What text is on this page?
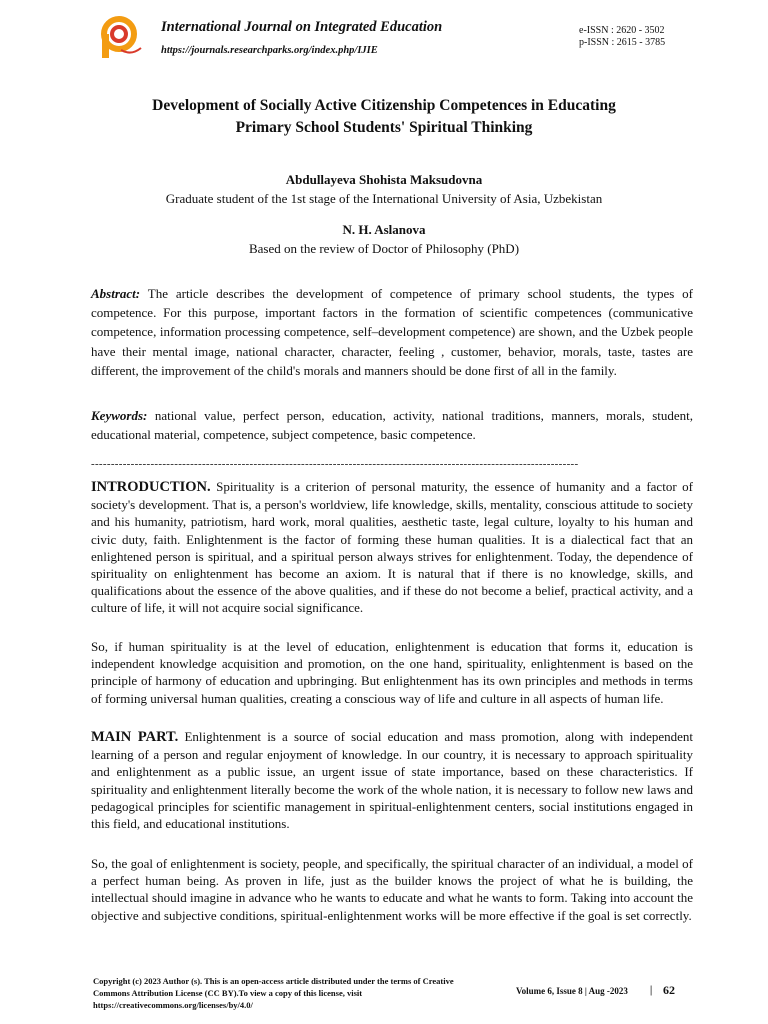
International Journal on Integrated Education
https://journals.researchparks.org/index.php/IJIE
e-ISSN : 2620 - 3502
p-ISSN : 2615 - 3785
Development of Socially Active Citizenship Competences in Educating
Primary School Students' Spiritual Thinking
Abdullayeva Shohista Maksudovna
Graduate student of the 1st stage of the International University of Asia, Uzbekistan
N. H. Aslanova
Based on the review of Doctor of Philosophy (PhD)
Abstract: The article describes the development of competence of primary school students, the types of competence. For this purpose, important factors in the formation of scientific competences (communicative competence, information processing competence, self–development competence) are shown, and the Uzbek people have their mental image, national character, character, feeling , customer, behavior, morals, taste, tastes are different, the improvement of the child's morals and manners should be done first of all in the family.
Keywords: national value, perfect person, education, activity, national traditions, manners, morals, student, educational material, competence, subject competence, basic competence.
---------------------------------------------------------------------------------------------------------------------------
INTRODUCTION. Spirituality is a criterion of personal maturity, the essence of humanity and a factor of society's development. That is, a person's worldview, life knowledge, skills, mentality, conscious attitude to society and his humanity, patriotism, hard work, moral qualities, aesthetic taste, legal culture, loyalty to his human and civic duty, faith. Enlightenment is the factor of forming these human qualities. It is a dialectical fact that an enlightened person is spiritual, and a spiritual person always strives for enlightenment. Today, the dependence of spirituality on enlightenment has become an axiom. It is natural that if there is no knowledge, skills, and qualifications about the essence of the above qualities, and if these do not become a belief, practical activity, and a culture of life, it will not acquire social significance.
So, if human spirituality is at the level of education, enlightenment is education that forms it, education is independent knowledge acquisition and promotion, on the one hand, spirituality, enlightenment is based on the principle of harmony of education and upbringing. But enlightenment has its own principles and methods in terms of forming universal human qualities, creating a conscious way of life and culture in all aspects of human life.
MAIN PART. Enlightenment is a source of social education and mass promotion, along with independent learning of a person and regular enjoyment of knowledge. In our country, it is necessary to approach spirituality and enlightenment as a public issue, an urgent issue of state importance, based on these characteristics. If spirituality and enlightenment literally become the work of the whole nation, it is necessary to follow new laws and pedagogical principles for scientific management in spiritual-enlightenment centers, social institutions engaged in this field, and educational institutions.
So, the goal of enlightenment is society, people, and specifically, the spiritual character of an individual, a model of a perfect human being. As proven in life, just as the builder knows the project of what he is building, the intellectual should imagine in advance who he wants to educate and what he wants to form. Taking into account the objective and subjective conditions, spiritual-enlightenment works will be more effective if the goal is set correctly.
Copyright (c) 2023 Author (s). This is an open-access article distributed under the terms of Creative Commons Attribution License (CC BY).To view a copy of this license, visit https://creativecommons.org/licenses/by/4.0/
Volume 6, Issue 8 | Aug -2023 | 62
